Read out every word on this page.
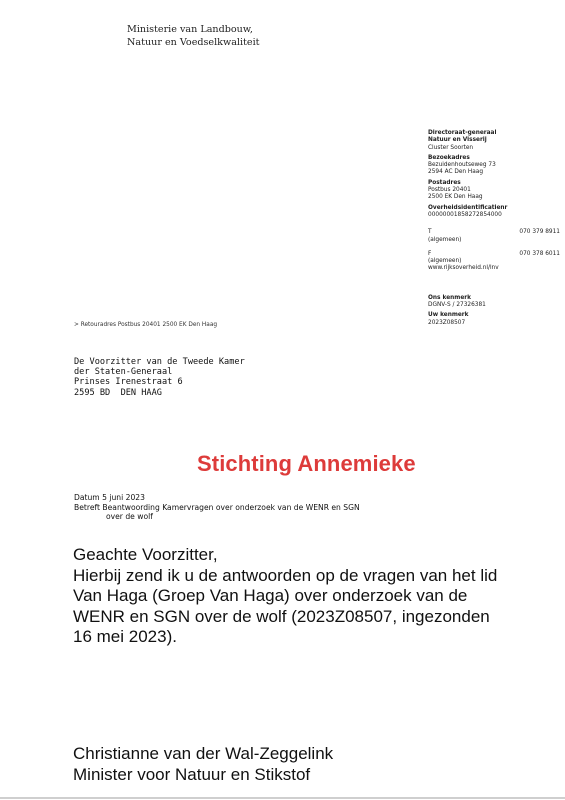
Ministerie van Landbouw,
Natuur en Voedselkwaliteit
Directoraat-generaal
Natuur en Visserij
Cluster Soorten
Bezoekadres
Bezuidenhoutseweg 73
2594 AC Den Haag
Postadres
Postbus 20401
2500 EK Den Haag
Overheidsidentificatienr
00000001858272854000
T	070 379 8911
(algemeen)
F	070 378 6011
(algemeen)
www.rijksoverheid.nl/lnv
Ons kenmerk
DGNV-S / 27326381
Uw kenmerk
2023Z08507
> Retouradres Postbus 20401 2500 EK Den Haag
De Voorzitter van de Tweede Kamer
der Staten-Generaal
Prinses Irenestraat 6
2595 BD  DEN HAAG
Stichting Annemieke
Datum 5 juni 2023
Betreft Beantwoording Kamervragen over onderzoek van de WENR en SGN
over de wolf
Geachte Voorzitter,
Hierbij zend ik u de antwoorden op de vragen van het lid Van Haga (Groep Van Haga) over onderzoek van de WENR en SGN over de wolf (2023Z08507, ingezonden 16 mei 2023).
Christianne van der Wal-Zeggelink
Minister voor Natuur en Stikstof
